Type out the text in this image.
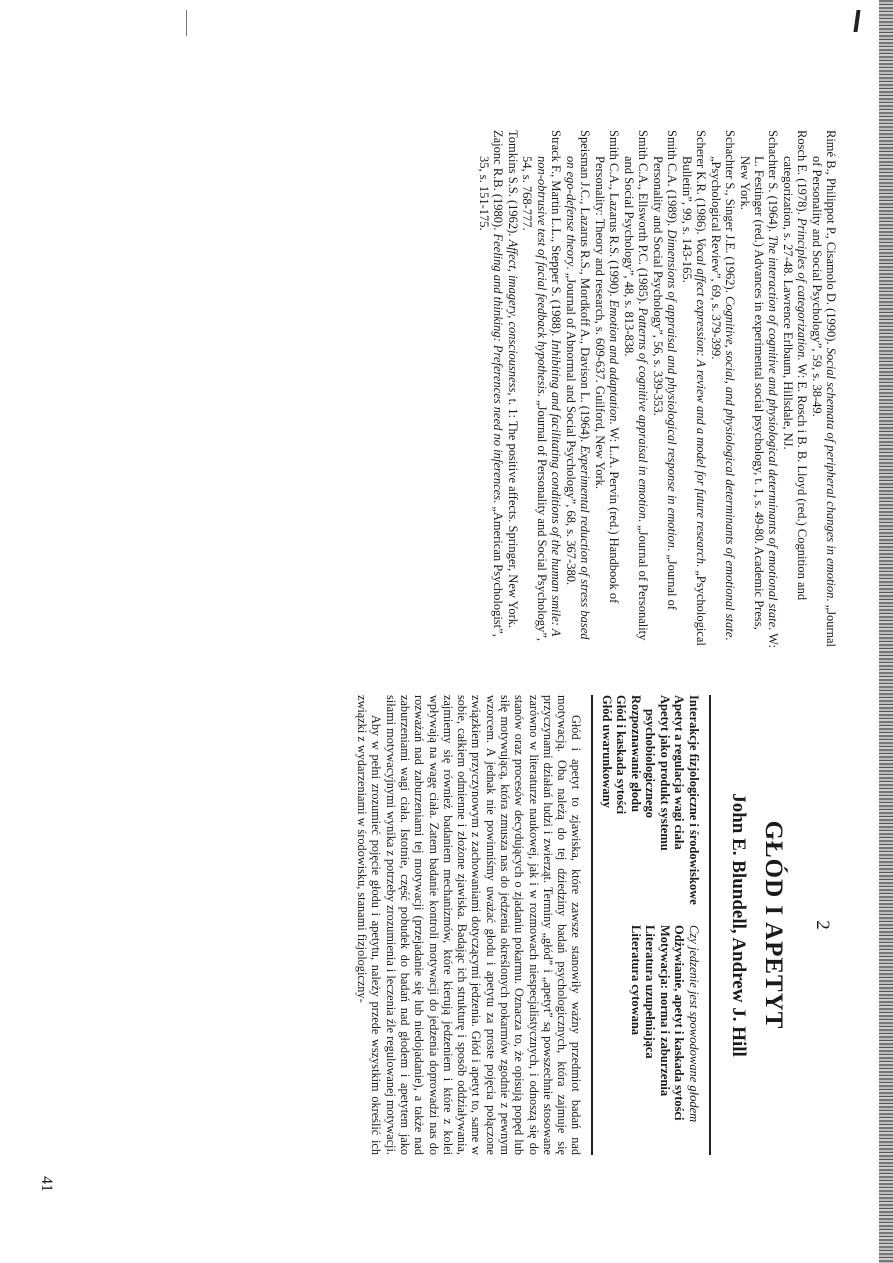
Rimé B., Philippot P., Cisamolo D. (1990). Social schemata of peripheral changes in emotion. „Journal of Personality and Social Psychology”, 59, s. 38-49.
Rosch E. (1978). Principles of categorization. W: E. Rosch i B. B. Lloyd (red.) Cognition and categorization, s. 27-48. Lawrence Erlbaum, Hillsdale, NJ.
Schachter S. (1964). The interaction of cognitive and physiological determinants of emotional state. W: L. Festinger (red.) Advances in experimental social psychology, t. 1, s. 49-80. Academic Press, New York.
Schachter S., Singer J.E. (1962). Cognitive, social, and physiological determinants of emotional state. „Psychological Review”, 69, s. 379-399.
Scherer K.R. (1986). Vocal affect expression: A review and a model for future research. „Psychological Bulletin”, 99, s. 143-165.
Smith C.A. (1989). Dimensions of appraisal and physiological response in emotion. „Journal of Personality and Social Psychology”, 56, s. 339-353.
Smith C.A., Ellsworth P.C. (1985). Patterns of cognitive appraisal in emotion. „Journal of Personality and Social Psychology”, 48, s. 813-838.
Smith C.A., Lazarus R.S. (1990). Emotion and adaptation. W: L.A. Pervin (red.) Handbook of Personality: Theory and research, s. 609-637. Guilford, New York.
Speisman J.C., Lazarus R.S., Mordkoff A., Davison L. (1964). Experimental reduction of stress based on ego-defense theory. „Journal of Abnormal and Social Psychology”, 68, s. 367-380.
Strack F., Martin L.L., Stepper S. (1988). Inhibiting and facilitating conditions of the human smile: A non-obtrusive test of facial feedback hypothesis. „Journal of Personality and Social Psychology”, 54, s. 768-777.
Tomkins S.S. (1962). Affect, imagery, consciousness, t. 1: The positive affects. Springer, New York.
Zajonc R.B. (1980). Feeling and thinking: Preferences need no inferences. „American Psychologist”, 35, s. 151-175.
2
GŁÓD I APETYT
John E. Blundell, Andrew J. Hill
Interakcje fizjologiczne i środowiskowe
Apetyt a regulacja wagi ciała
Apetyt jako produkt systemu psychobiologicznego
Rozpoznawanie głodu
Głód i kaskada sytości
Głód uwarunkowany
Czy jedzenie jest spowodowane głodem
Odżywianie, apetyt i kaskada sytości
Motywacja: norma i zaburzenia
Literatura uzupełniająca
Literatura cytowana

Głód i apetyt to zjawiska, które zawsze stanowiły ważny przedmiot badań nad motywacją. Oba należą do tej dziedziny badań psychologicznych, która zajmuje się przyczynami działań ludzi i zwierząt. Terminy „głód” i „apetyt” są powszechnie stosowane zarówno w literaturze naukowej, jak i w rozmowach niespecjalistycznych, i odnoszą się do stanów oraz procesów decydujących o zjadaniu pokarmu. Oznacza to, że opisują popęd lub siłę motywującą, która zmusza nas do jedzenia określonych pokarmów zgodnie z pewnym wzorcem. A jednak nie powinniśmy uważać głodu i apetytu za proste pojęcia połączone związkiem przyczynowym z zachowaniami dotyczącymi jedzenia. Głód i apetyt to, same w sobie, całkiem odmienne i złożone zjawiska. Badając ich strukturę i sposób oddziaływania, zajmiemy się również badaniem mechanizmów, które kierują jedzeniem i które z kolei wpływają na wagę ciała. Zatem badanie kontroli motywacji do jedzenia doprowadzi nas do rozważań nad zaburzeniami tej motywacji (przejadanie się lub niedojadanie), a także nad zaburzeniami wagi ciała. Istotnie, część pobudek do badań nad głodem i apetytem jako siłami motywacyjnymi wynika z potrzeby zrozumienia i leczenia źle regulowanej motywacji.

Aby w pełni zrozumieć pojęcie głodu i apetytu, należy przede wszystkim określić ich związki z wydarzeniami w środowisku, stanami fizjologiczny-

41
